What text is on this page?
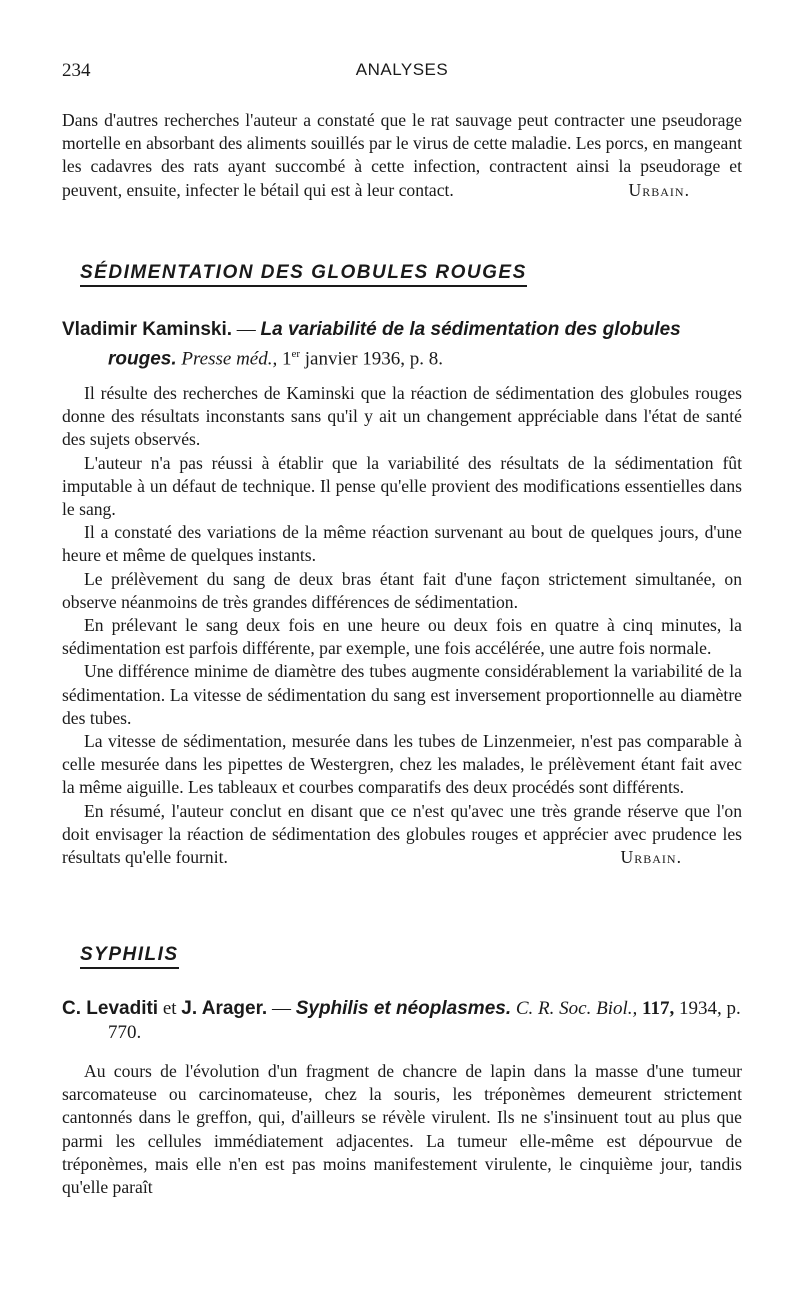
234	ANALYSES

Dans d'autres recherches l'auteur a constaté que le rat sauvage peut contracter une pseudorage mortelle en absorbant des aliments souillés par le virus de cette maladie. Les porcs, en mangeant les cadavres des rats ayant succombé à cette infection, contractent ainsi la pseudorage et peuvent, ensuite, infecter le bétail qui est à leur contact.	Urbain.

SÉDIMENTATION DES GLOBULES ROUGES

Vladimir Kaminski. — La variabilité de la sédimentation des globules rouges. Presse méd., 1er janvier 1936, p. 8.

Il résulte des recherches de Kaminski que la réaction de sédimentation des globules rouges donne des résultats inconstants sans qu'il y ait un changement appréciable dans l'état de santé des sujets observés.

L'auteur n'a pas réussi à établir que la variabilité des résultats de la sédimentation fût imputable à un défaut de technique. Il pense qu'elle provient des modifications essentielles dans le sang.

Il a constaté des variations de la même réaction survenant au bout de quelques jours, d'une heure et même de quelques instants.

Le prélèvement du sang de deux bras étant fait d'une façon strictement simultanée, on observe néanmoins de très grandes différences de sédimentation.

En prélevant le sang deux fois en une heure ou deux fois en quatre à cinq minutes, la sédimentation est parfois différente, par exemple, une fois accélérée, une autre fois normale.

Une différence minime de diamètre des tubes augmente considérablement la variabilité de la sédimentation. La vitesse de sédimentation du sang est inversement proportionnelle au diamètre des tubes.

La vitesse de sédimentation, mesurée dans les tubes de Linzenmeier, n'est pas comparable à celle mesurée dans les pipettes de Westergren, chez les malades, le prélèvement étant fait avec la même aiguille. Les tableaux et courbes comparatifs des deux procédés sont différents.

En résumé, l'auteur conclut en disant que ce n'est qu'avec une très grande réserve que l'on doit envisager la réaction de sédimentation des globules rouges et apprécier avec prudence les résultats qu'elle fournit.	Urbain.

SYPHILIS

C. Levaditi et J. Arager. — Syphilis et néoplasmes. C. R. Soc. Biol., 117, 1934, p. 770.

Au cours de l'évolution d'un fragment de chancre de lapin dans la masse d'une tumeur sarcomateuse ou carcinomateuse, chez la souris, les tréponèmes demeurent strictement cantonnés dans le greffon, qui, d'ailleurs se révèle virulent. Ils ne s'insinuent tout au plus que parmi les cellules immédiatement adjacentes. La tumeur elle-même est dépourvue de tréponèmes, mais elle n'en est pas moins manifestement virulente, le cinquième jour, tandis qu'elle paraît
